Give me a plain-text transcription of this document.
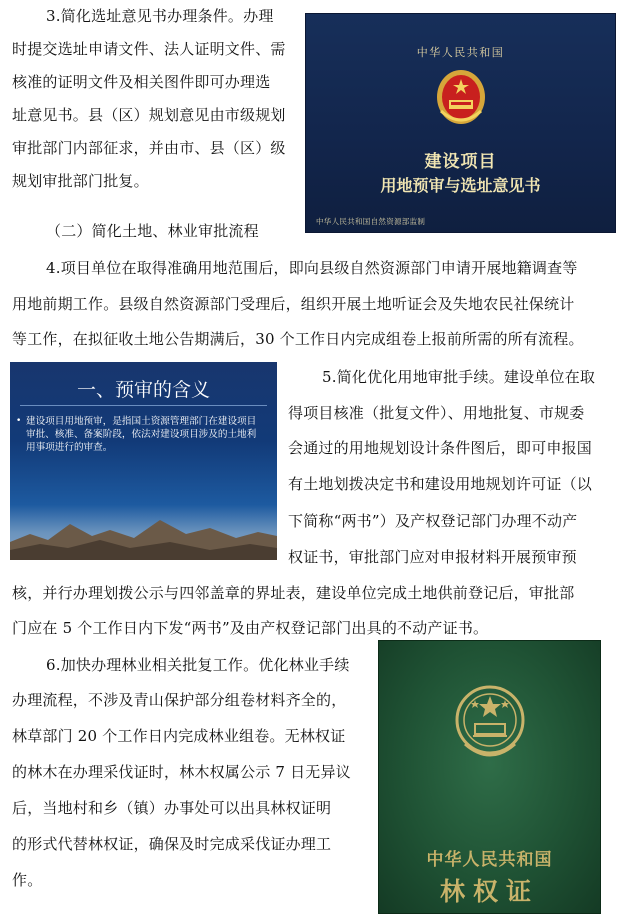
3.简化选址意见书办理条件。办理
时提交选址申请文件、法人证明文件、需
核准的证明文件及相关图件即可办理选
址意见书。县（区）规划意见由市级规划
审批部门内部征求，并由市、县（区）级
规划审批部门批复。
中华人民共和国
建设项目
用地预审与选址意见书
中华人民共和国自然资源部监制
（二）简化土地、林业审批流程
4.项目单位在取得准确用地范围后，即向县级自然资源部门申请开展地籍调查等
用地前期工作。县级自然资源部门受理后，组织开展土地听证会及失地农民社保统计
等工作，在拟征收土地公告期满后，30 个工作日内完成组卷上报前所需的所有流程。
一、预审的含义
• 建设项目用地预审，是指国土资源管理部门在建设项目审批、核准、备案阶段，依法对建设项目涉及的土地利用事项进行的审查。
5.简化优化用地审批手续。建设单位在取
得项目核准（批复文件）、用地批复、市规委
会通过的用地规划设计条件图后，即可申报国
有土地划拨决定书和建设用地规划许可证（以
下简称“两书”）及产权登记部门办理不动产
权证书，审批部门应对申报材料开展预审预
核，并行办理划拨公示与四邻盖章的界址表，建设单位完成土地供前登记后，审批部
门应在 5 个工作日内下发“两书”及由产权登记部门出具的不动产证书。
6.加快办理林业相关批复工作。优化林业手续
办理流程，不涉及青山保护部分组卷材料齐全的，
林草部门 20 个工作日内完成林业组卷。无林权证
的林木在办理采伐证时，林木权属公示 7 日无异议
后，当地村和乡（镇）办事处可以出具林权证明
的形式代替林权证，确保及时完成采伐证办理工
作。
中华人民共和国
林权证
